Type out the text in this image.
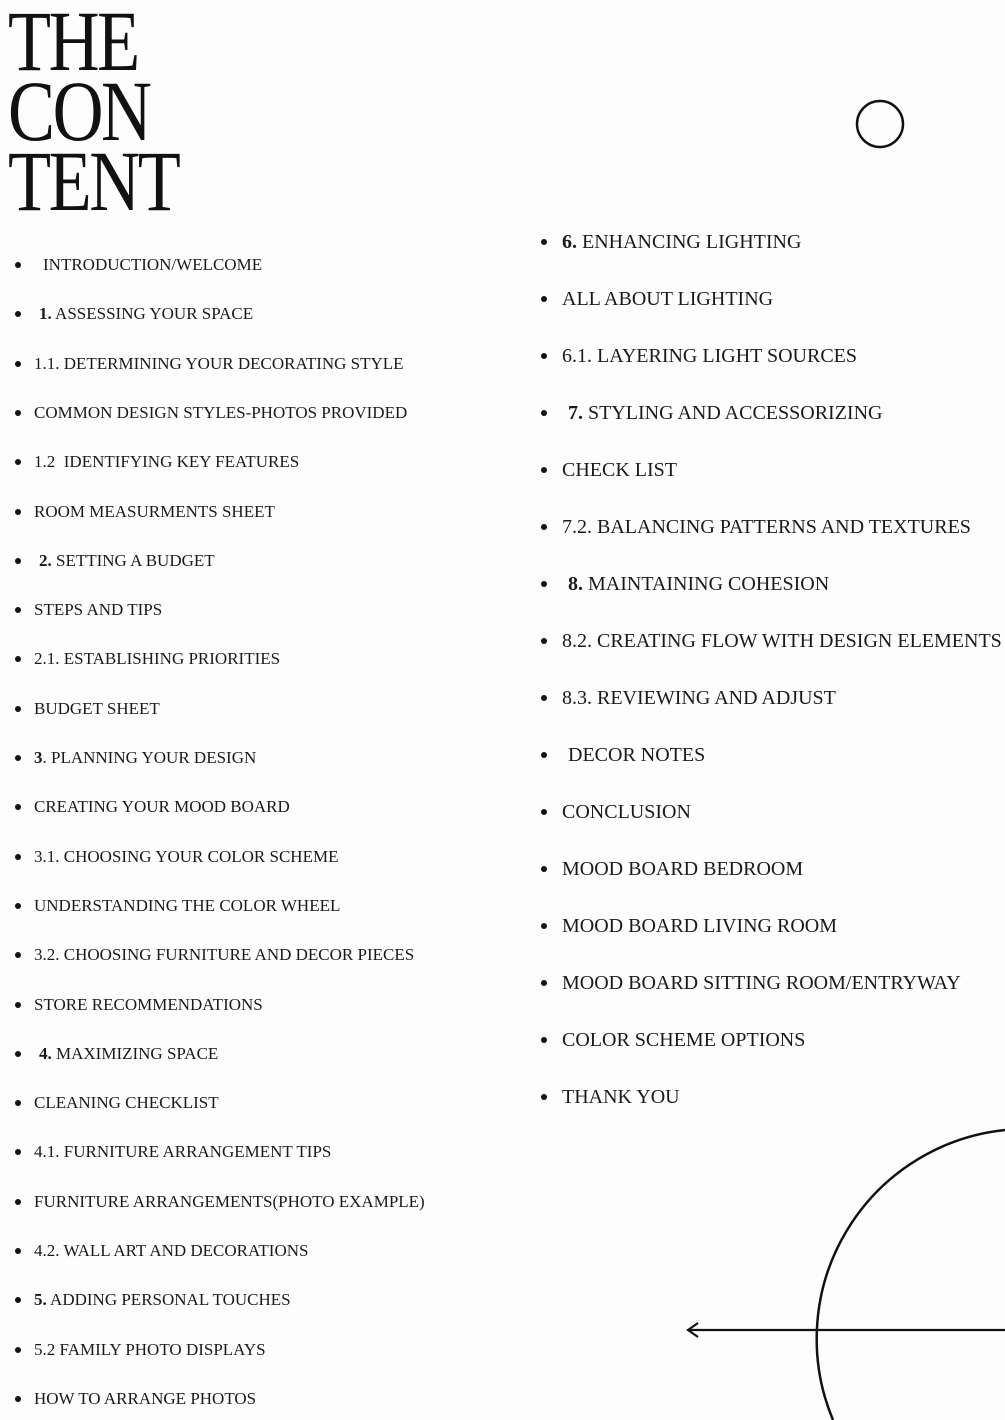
THE
CON
TENT
INTRODUCTION/WELCOME
1. ASSESSING YOUR SPACE
1.1. DETERMINING YOUR DECORATING STYLE
COMMON DESIGN STYLES-PHOTOS PROVIDED
1.2  IDENTIFYING KEY FEATURES
ROOM MEASURMENTS SHEET
2. SETTING A BUDGET
STEPS AND TIPS
2.1. ESTABLISHING PRIORITIES
BUDGET SHEET
3. PLANNING YOUR DESIGN
CREATING YOUR MOOD BOARD
3.1. CHOOSING YOUR COLOR SCHEME
UNDERSTANDING THE COLOR WHEEL
3.2. CHOOSING FURNITURE AND DECOR PIECES
STORE RECOMMENDATIONS
4. MAXIMIZING SPACE
CLEANING CHECKLIST
4.1. FURNITURE ARRANGEMENT TIPS
FURNITURE ARRANGEMENTS(PHOTO EXAMPLE)
4.2. WALL ART AND DECORATIONS
5. ADDING PERSONAL TOUCHES
5.2 FAMILY PHOTO DISPLAYS
HOW TO ARRANGE PHOTOS
6. ENHANCING LIGHTING
ALL ABOUT LIGHTING
6.1. LAYERING LIGHT SOURCES
7. STYLING AND ACCESSORIZING
CHECK LIST
7.2. BALANCING PATTERNS AND TEXTURES
8. MAINTAINING COHESION
8.2. CREATING FLOW WITH DESIGN ELEMENTS
8.3. REVIEWING AND ADJUST
DECOR NOTES
CONCLUSION
MOOD BOARD BEDROOM
MOOD BOARD LIVING ROOM
MOOD BOARD SITTING ROOM/ENTRYWAY
COLOR SCHEME OPTIONS
THANK YOU
